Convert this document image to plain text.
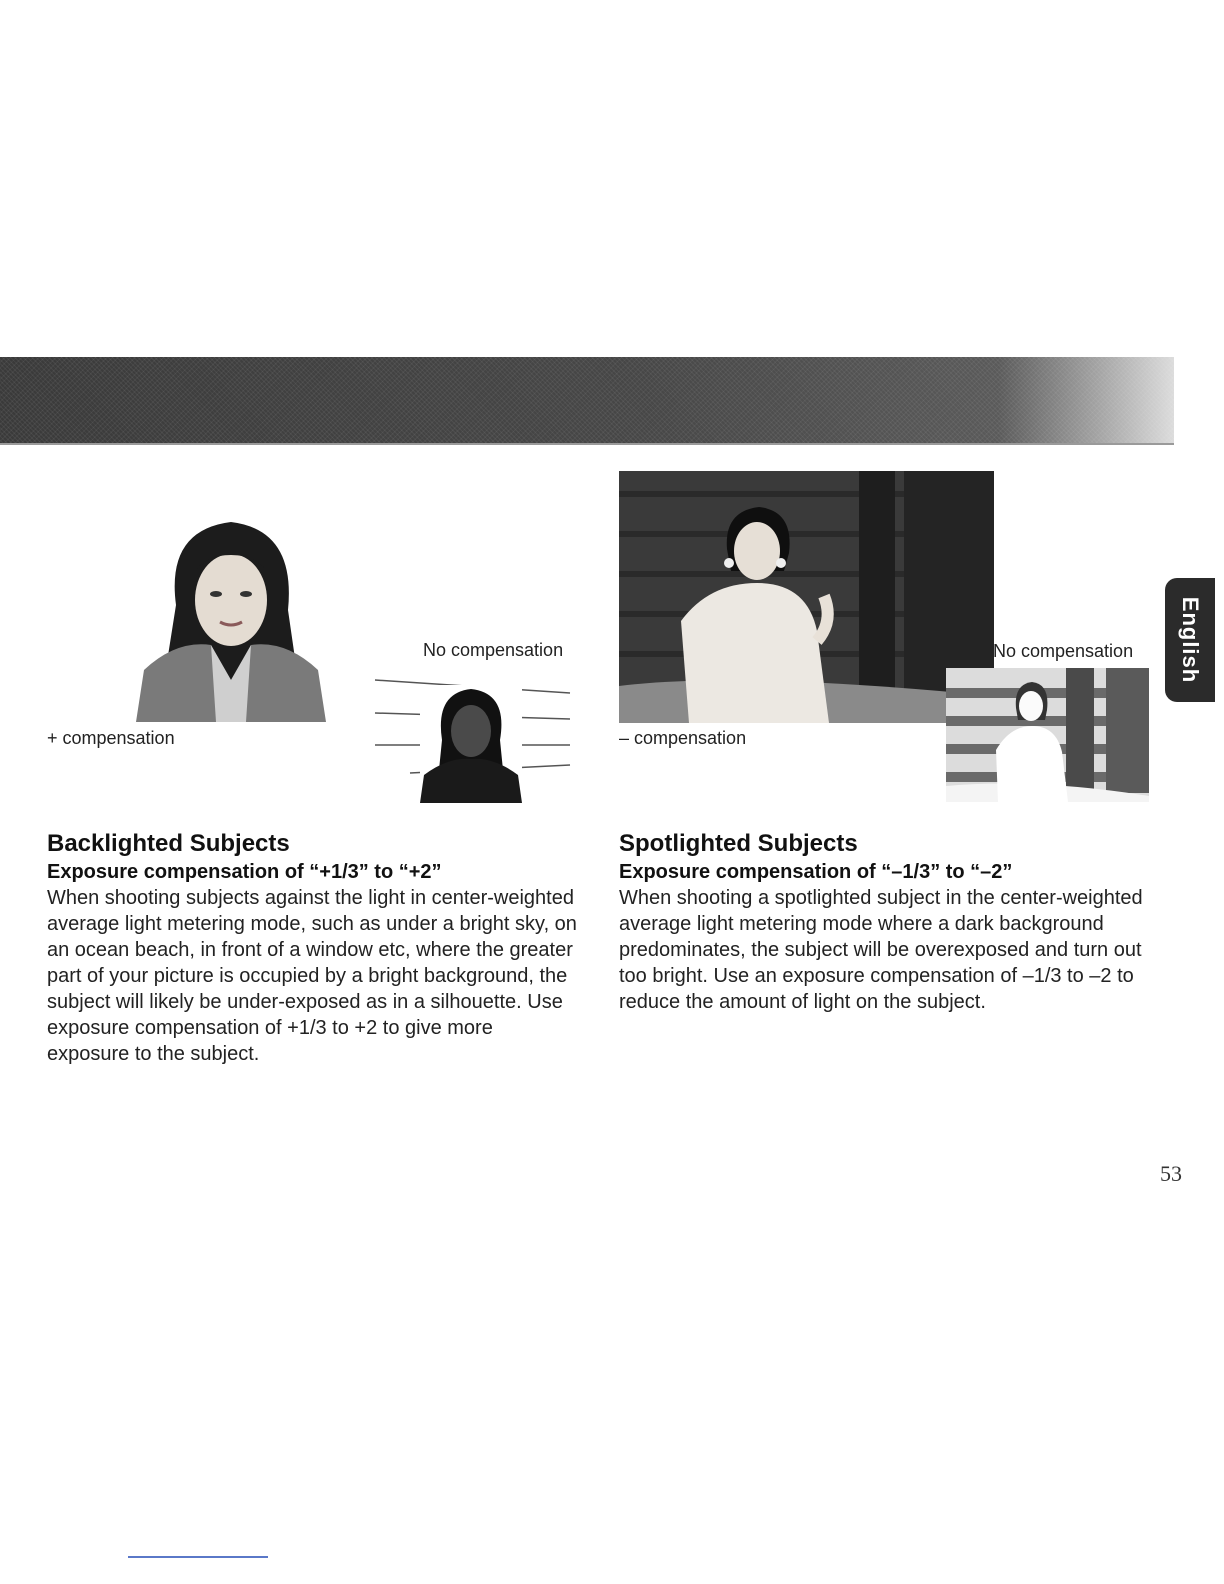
+ compensation
No compensation
– compensation
No compensation English
Backlighted Subjects
Exposure compensation of “+1/3” to “+2”

When shooting subjects against the light in center-weighted average light metering mode, such as under a bright sky, on an ocean beach, in front of a window etc, where the greater part of your picture is occupied by a bright background, the subject will likely be under-exposed as in a silhouette. Use exposure compensation of +1/3 to +2 to give more exposure to the subject.

Spotlighted Subjects
Exposure compensation of “–1/3” to “–2”

When shooting a spotlighted subject in the center-weighted average light metering mode where a dark background predominates, the subject will be overexposed and turn out too bright. Use an exposure compensation of –1/3 to –2 to reduce the amount of light on the subject.

53
